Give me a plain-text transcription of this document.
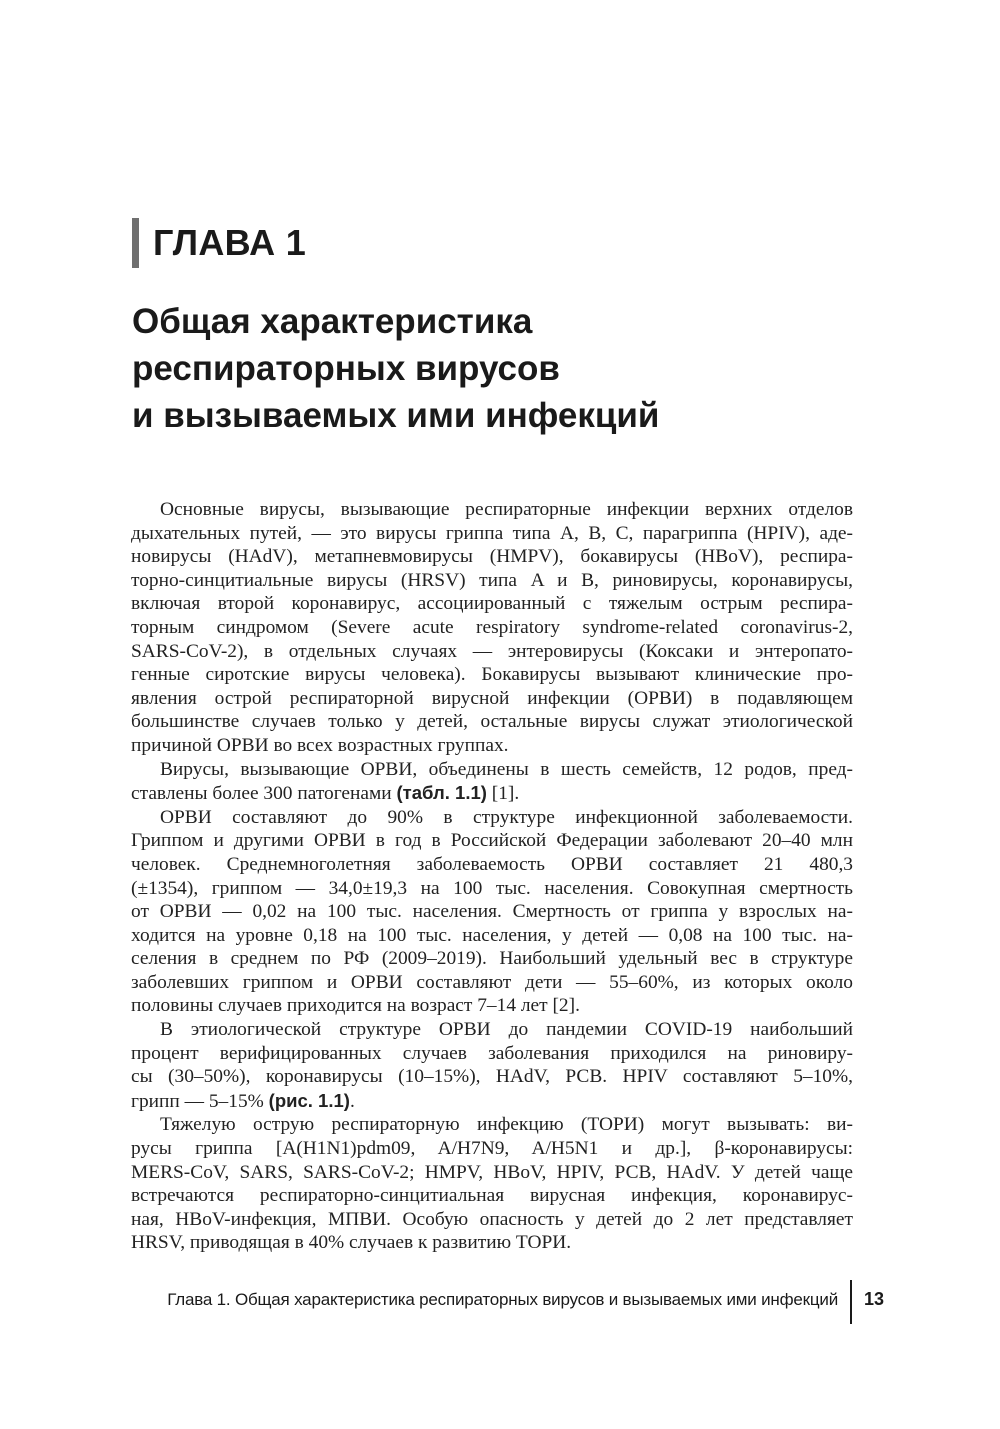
ГЛАВА 1
Общая характеристика
респираторных вирусов
и вызываемых ими инфекций

Основные вирусы, вызывающие респираторные инфекции верхних отделов
дыхательных путей, — это вирусы гриппа типа A, B, C, парагриппа (HPIV), аде-
новирусы (HAdV), метапневмовирусы (HMPV), бокавирусы (HBoV), респира-
торно-синцитиальные вирусы (HRSV) типа A и B, риновирусы, коронавирусы,
включая второй коронавирус, ассоциированный с тяжелым острым респира-
торным синдромом (Severe acute respiratory syndrome-related coronavirus-2,
SARS-CoV-2), в отдельных случаях — энтеровирусы (Коксаки и энтеропато-
генные сиротские вирусы человека). Бокавирусы вызывают клинические про-
явления острой респираторной вирусной инфекции (ОРВИ) в подавляющем
большинстве случаев только у детей, остальные вирусы служат этиологической
причиной ОРВИ во всех возрастных группах.

Вирусы, вызывающие ОРВИ, объединены в шесть семейств, 12 родов, пред-
ставлены более 300 патогенами (табл. 1.1) [1].

ОРВИ составляют до 90% в структуре инфекционной заболеваемости.
Гриппом и другими ОРВИ в год в Российской Федерации заболевают 20–40 млн
человек. Среднемноголетняя заболеваемость ОРВИ составляет 21 480,3
(±1354), гриппом — 34,0±19,3 на 100 тыс. населения. Совокупная смертность
от ОРВИ — 0,02 на 100 тыс. населения. Смертность от гриппа у взрослых на-
ходится на уровне 0,18 на 100 тыс. населения, у детей — 0,08 на 100 тыс. на-
селения в среднем по РФ (2009–2019). Наибольший удельный вес в структуре
заболевших гриппом и ОРВИ составляют дети — 55–60%, из которых около
половины случаев приходится на возраст 7–14 лет [2].

В этиологической структуре ОРВИ до пандемии COVID-19 наибольший
процент верифицированных случаев заболевания приходился на риновиру-
сы (30–50%), коронавирусы (10–15%), HAdV, РСВ. HPIV составляют 5–10%,
грипп — 5–15% (рис. 1.1).

Тяжелую острую респираторную инфекцию (ТОРИ) могут вызывать: ви-
русы гриппа [A(H1N1)pdm09, A/H7N9, A/H5N1 и др.], β-коронавирусы:
MERS-CoV, SARS, SARS-CoV-2; HMPV, HBoV, HPIV, РСВ, HAdV. У детей чаще
встречаются респираторно-синцитиальная вирусная инфекция, коронавирус-
ная, HBoV-инфекция, МПВИ. Особую опасность у детей до 2 лет представляет
HRSV, приводящая в 40% случаев к развитию ТОРИ.

Глава 1. Общая характеристика респираторных вирусов и вызываемых ими инфекций 13
